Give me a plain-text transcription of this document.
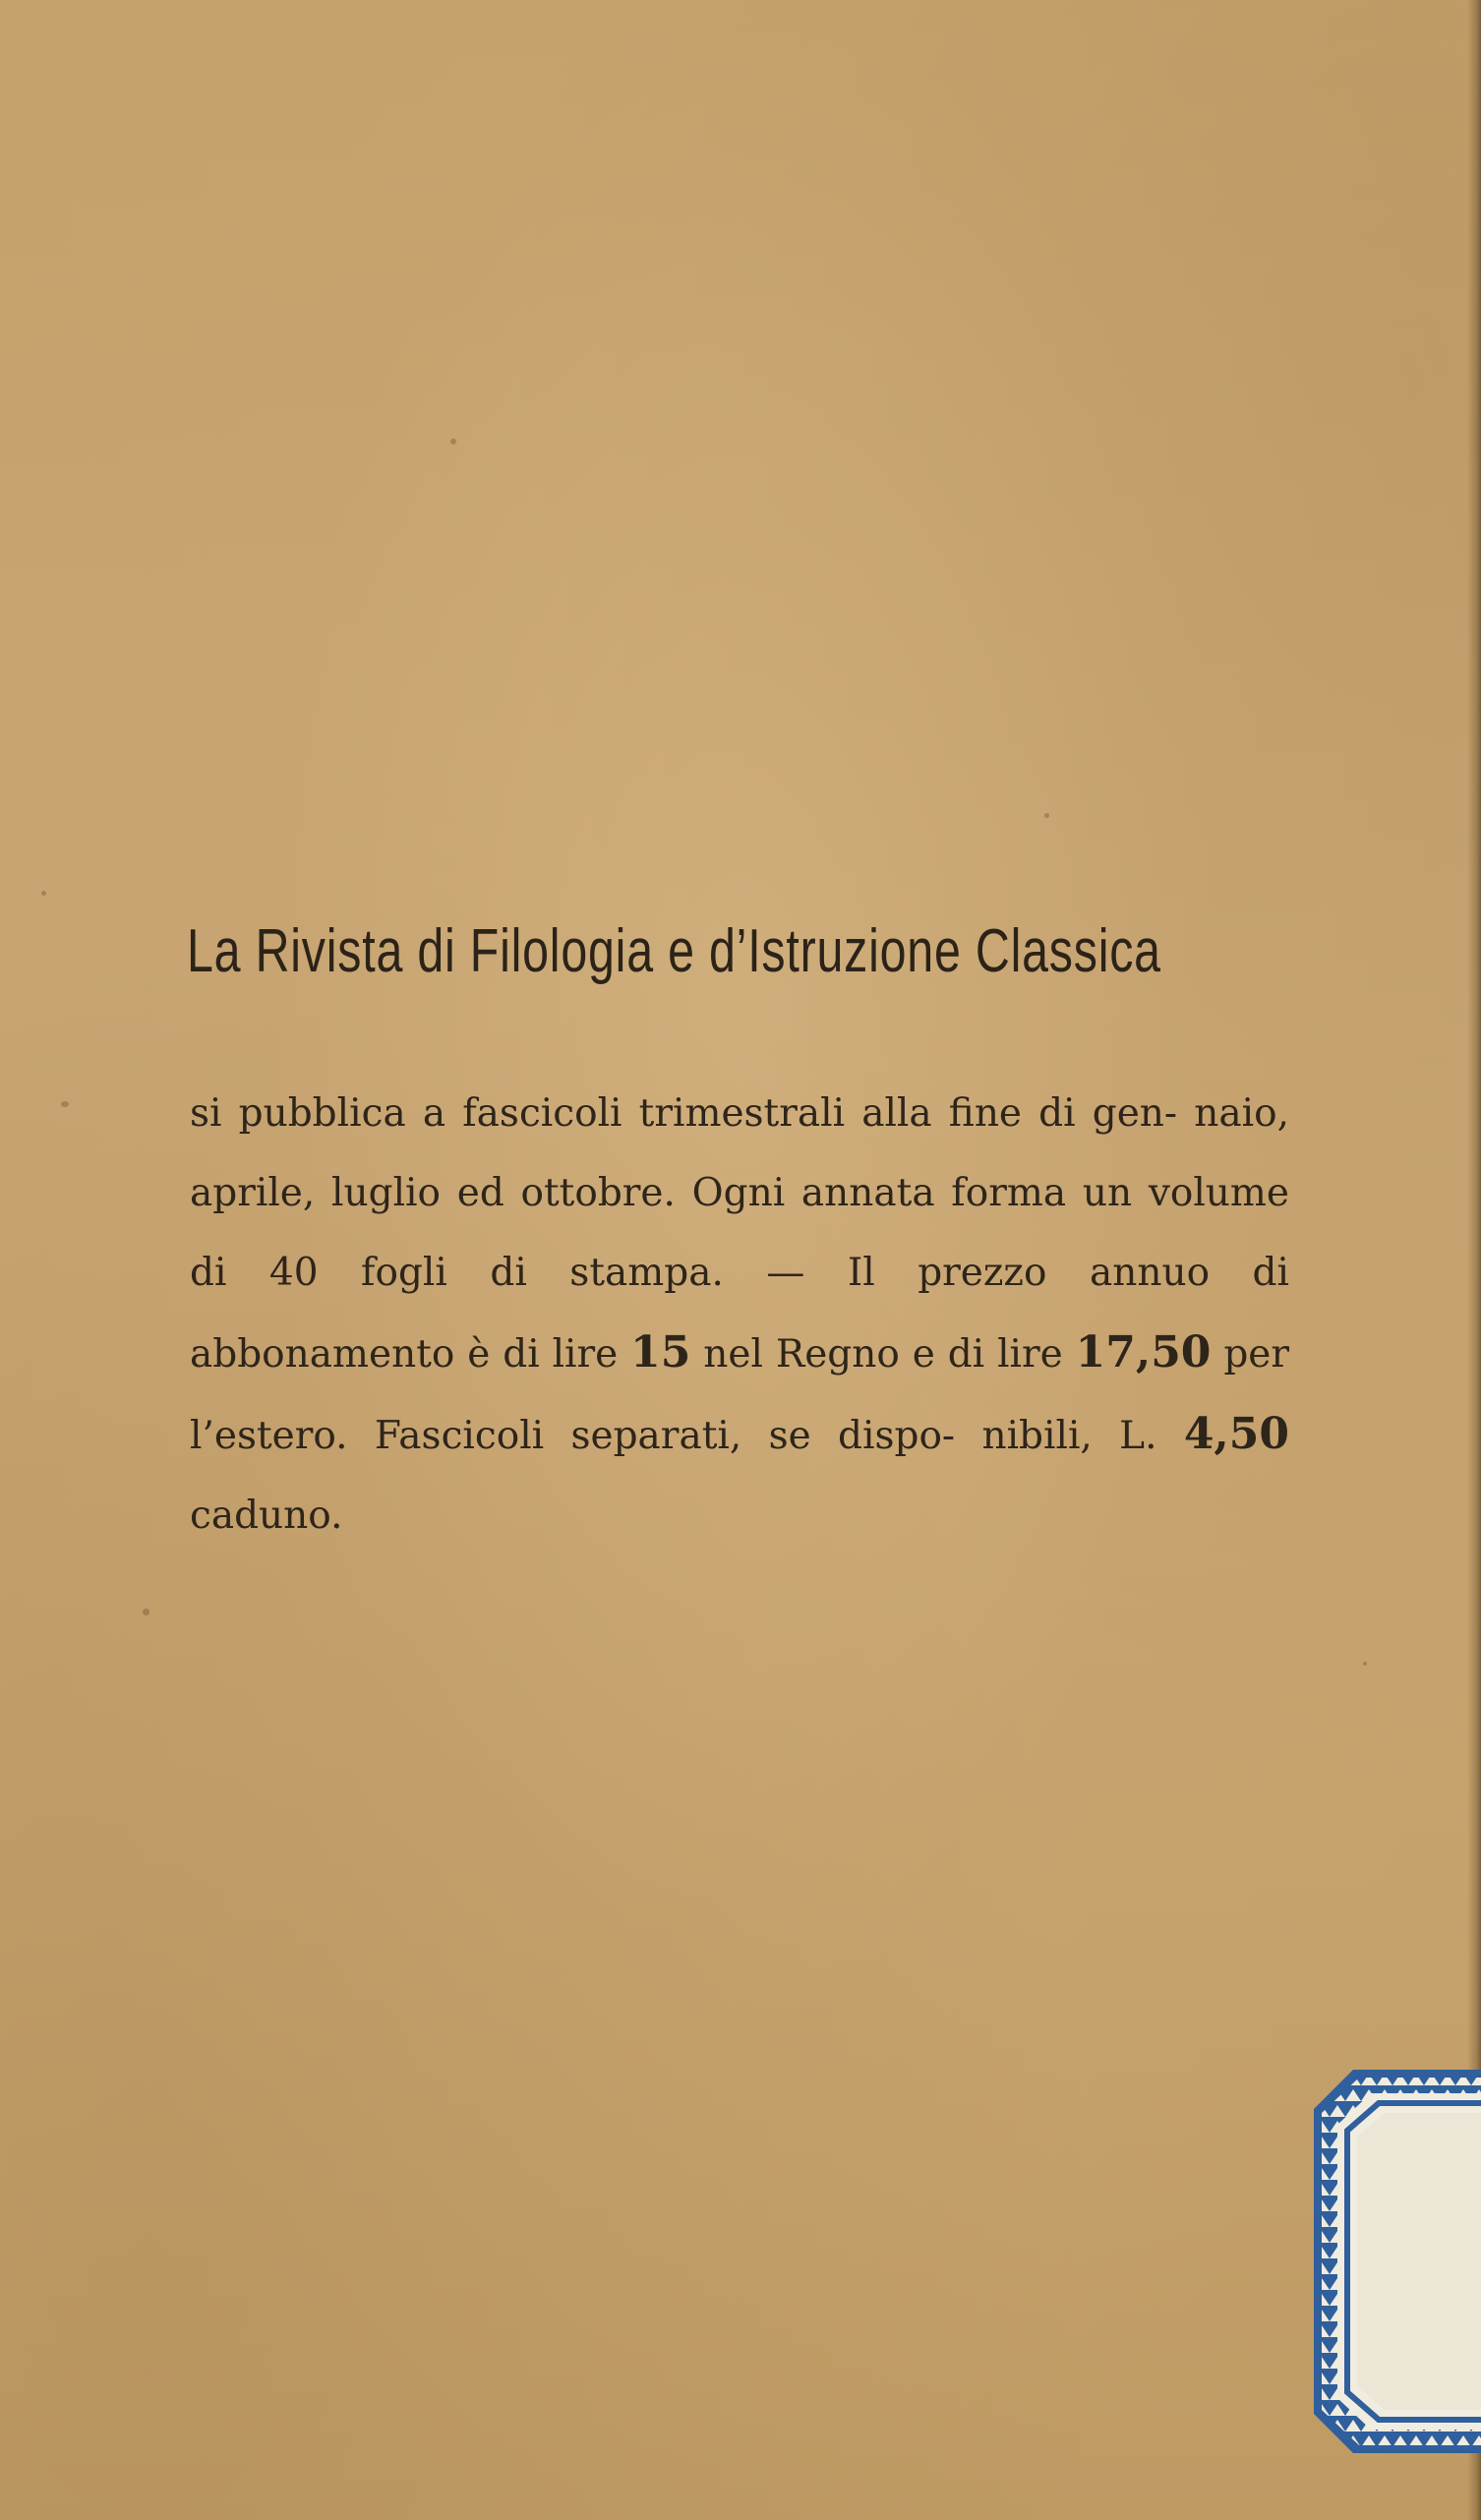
La Rivista di Filologia e d’Istruzione Classica

si pubblica a fascicoli trimestrali alla fine di gen- naio, aprile, luglio ed ottobre. Ogni annata forma un volume di 40 fogli di stampa. — Il prezzo annuo di abbonamento è di lire 15 nel Regno e di lire 17,50 per l’estero. Fascicoli separati, se dispo- nibili, L. 4,50 caduno.
